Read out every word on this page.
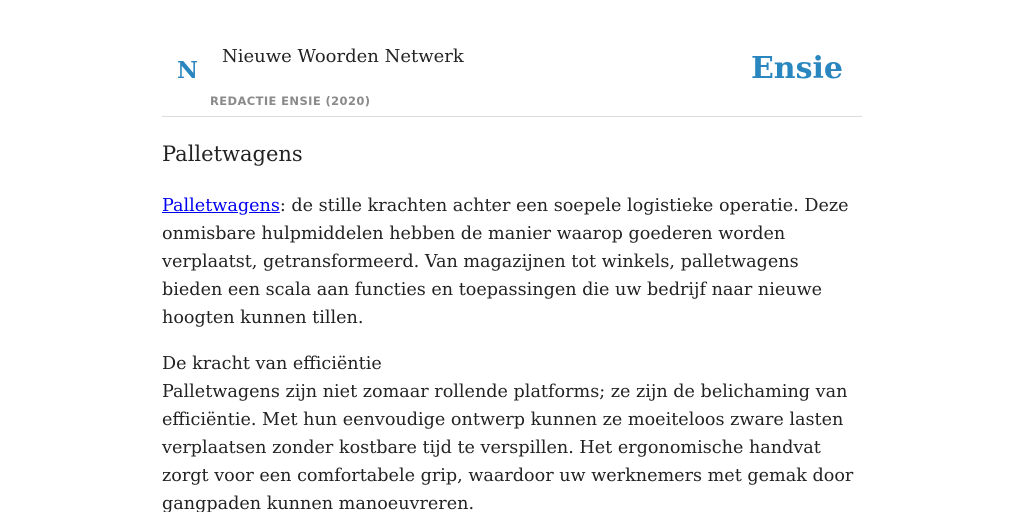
N
Nieuwe Woorden Netwerk
REDACTIE ENSIE (2020)
Ensie
Palletwagens

Palletwagens: de stille krachten achter een soepele logistieke operatie. Deze onmisbare hulpmiddelen hebben de manier waarop goederen worden verplaatst, getransformeerd. Van magazijnen tot winkels, palletwagens bieden een scala aan functies en toepassingen die uw bedrijf naar nieuwe hoogten kunnen tillen.

De kracht van efficiëntie

Palletwagens zijn niet zomaar rollende platforms; ze zijn de belichaming van efficiëntie. Met hun eenvoudige ontwerp kunnen ze moeiteloos zware lasten verplaatsen zonder kostbare tijd te verspillen. Het ergonomische handvat zorgt voor een comfortabele grip, waardoor uw werknemers met gemak door gangpaden kunnen manoeuvreren.
